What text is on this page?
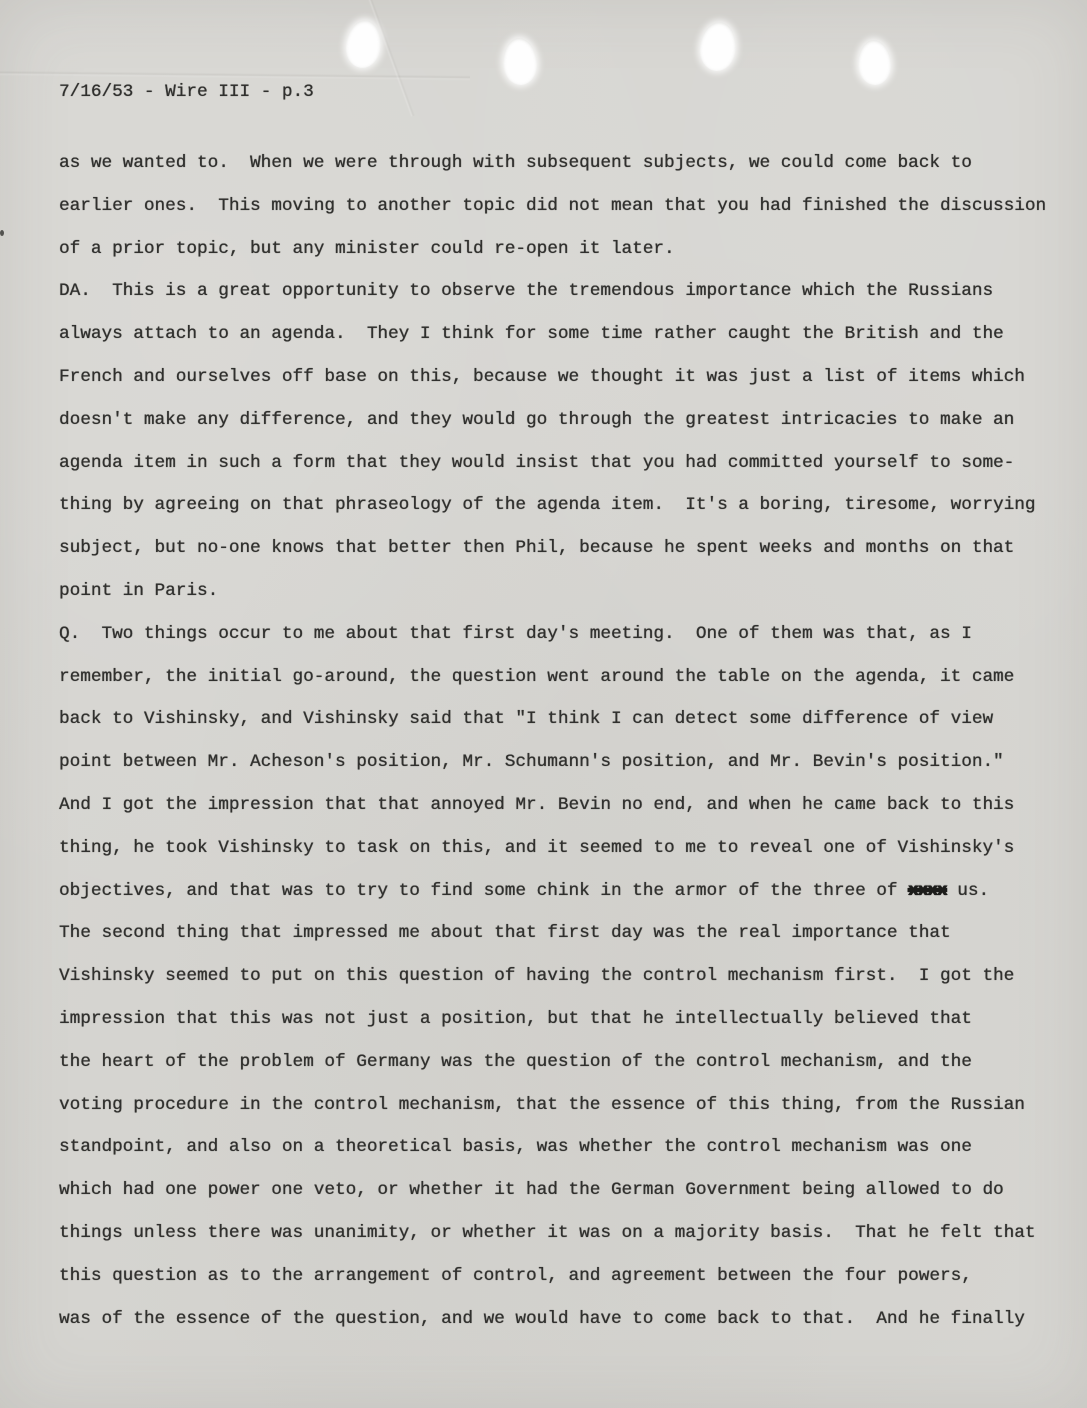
7/16/53 - Wire III - p.3
as we wanted to.  When we were through with subsequent subjects, we could come back to
earlier ones.  This moving to another topic did not mean that you had finished the discussion
of a prior topic, but any minister could re-open it later.
DA.  This is a great opportunity to observe the tremendous importance which the Russians
always attach to an agenda.  They I think for some time rather caught the British and the
French and ourselves off base on this, because we thought it was just a list of items which
doesn't make any difference, and they would go through the greatest intricacies to make an
agenda item in such a form that they would insist that you had committed yourself to some-
thing by agreeing on that phraseology of the agenda item.  It's a boring, tiresome, worrying
subject, but no-one knows that better then Phil, because he spent weeks and months on that
point in Paris.
Q.  Two things occur to me about that first day's meeting.  One of them was that, as I
remember, the initial go-around, the question went around the table on the agenda, it came
back to Vishinsky, and Vishinsky said that "I think I can detect some difference of view
point between Mr. Acheson's position, Mr. Schumann's position, and Mr. Bevin's position."
And I got the impression that that annoyed Mr. Bevin no end, and when he came back to this
thing, he took Vishinsky to task on this, and it seemed to me to reveal one of Vishinsky's
objectives, and that was to try to find some chink in the armor of the three of xxxx us.
The second thing that impressed me about that first day was the real importance that
Vishinsky seemed to put on this question of having the control mechanism first.  I got the
impression that this was not just a position, but that he intellectually believed that
the heart of the problem of Germany was the question of the control mechanism, and the
voting procedure in the control mechanism, that the essence of this thing, from the Russian
standpoint, and also on a theoretical basis, was whether the control mechanism was one
which had one power one veto, or whether it had the German Government being allowed to do
things unless there was unanimity, or whether it was on a majority basis.  That he felt that
this question as to the arrangement of control, and agreement between the four powers,
was of the essence of the question, and we would have to come back to that.  And he finally
